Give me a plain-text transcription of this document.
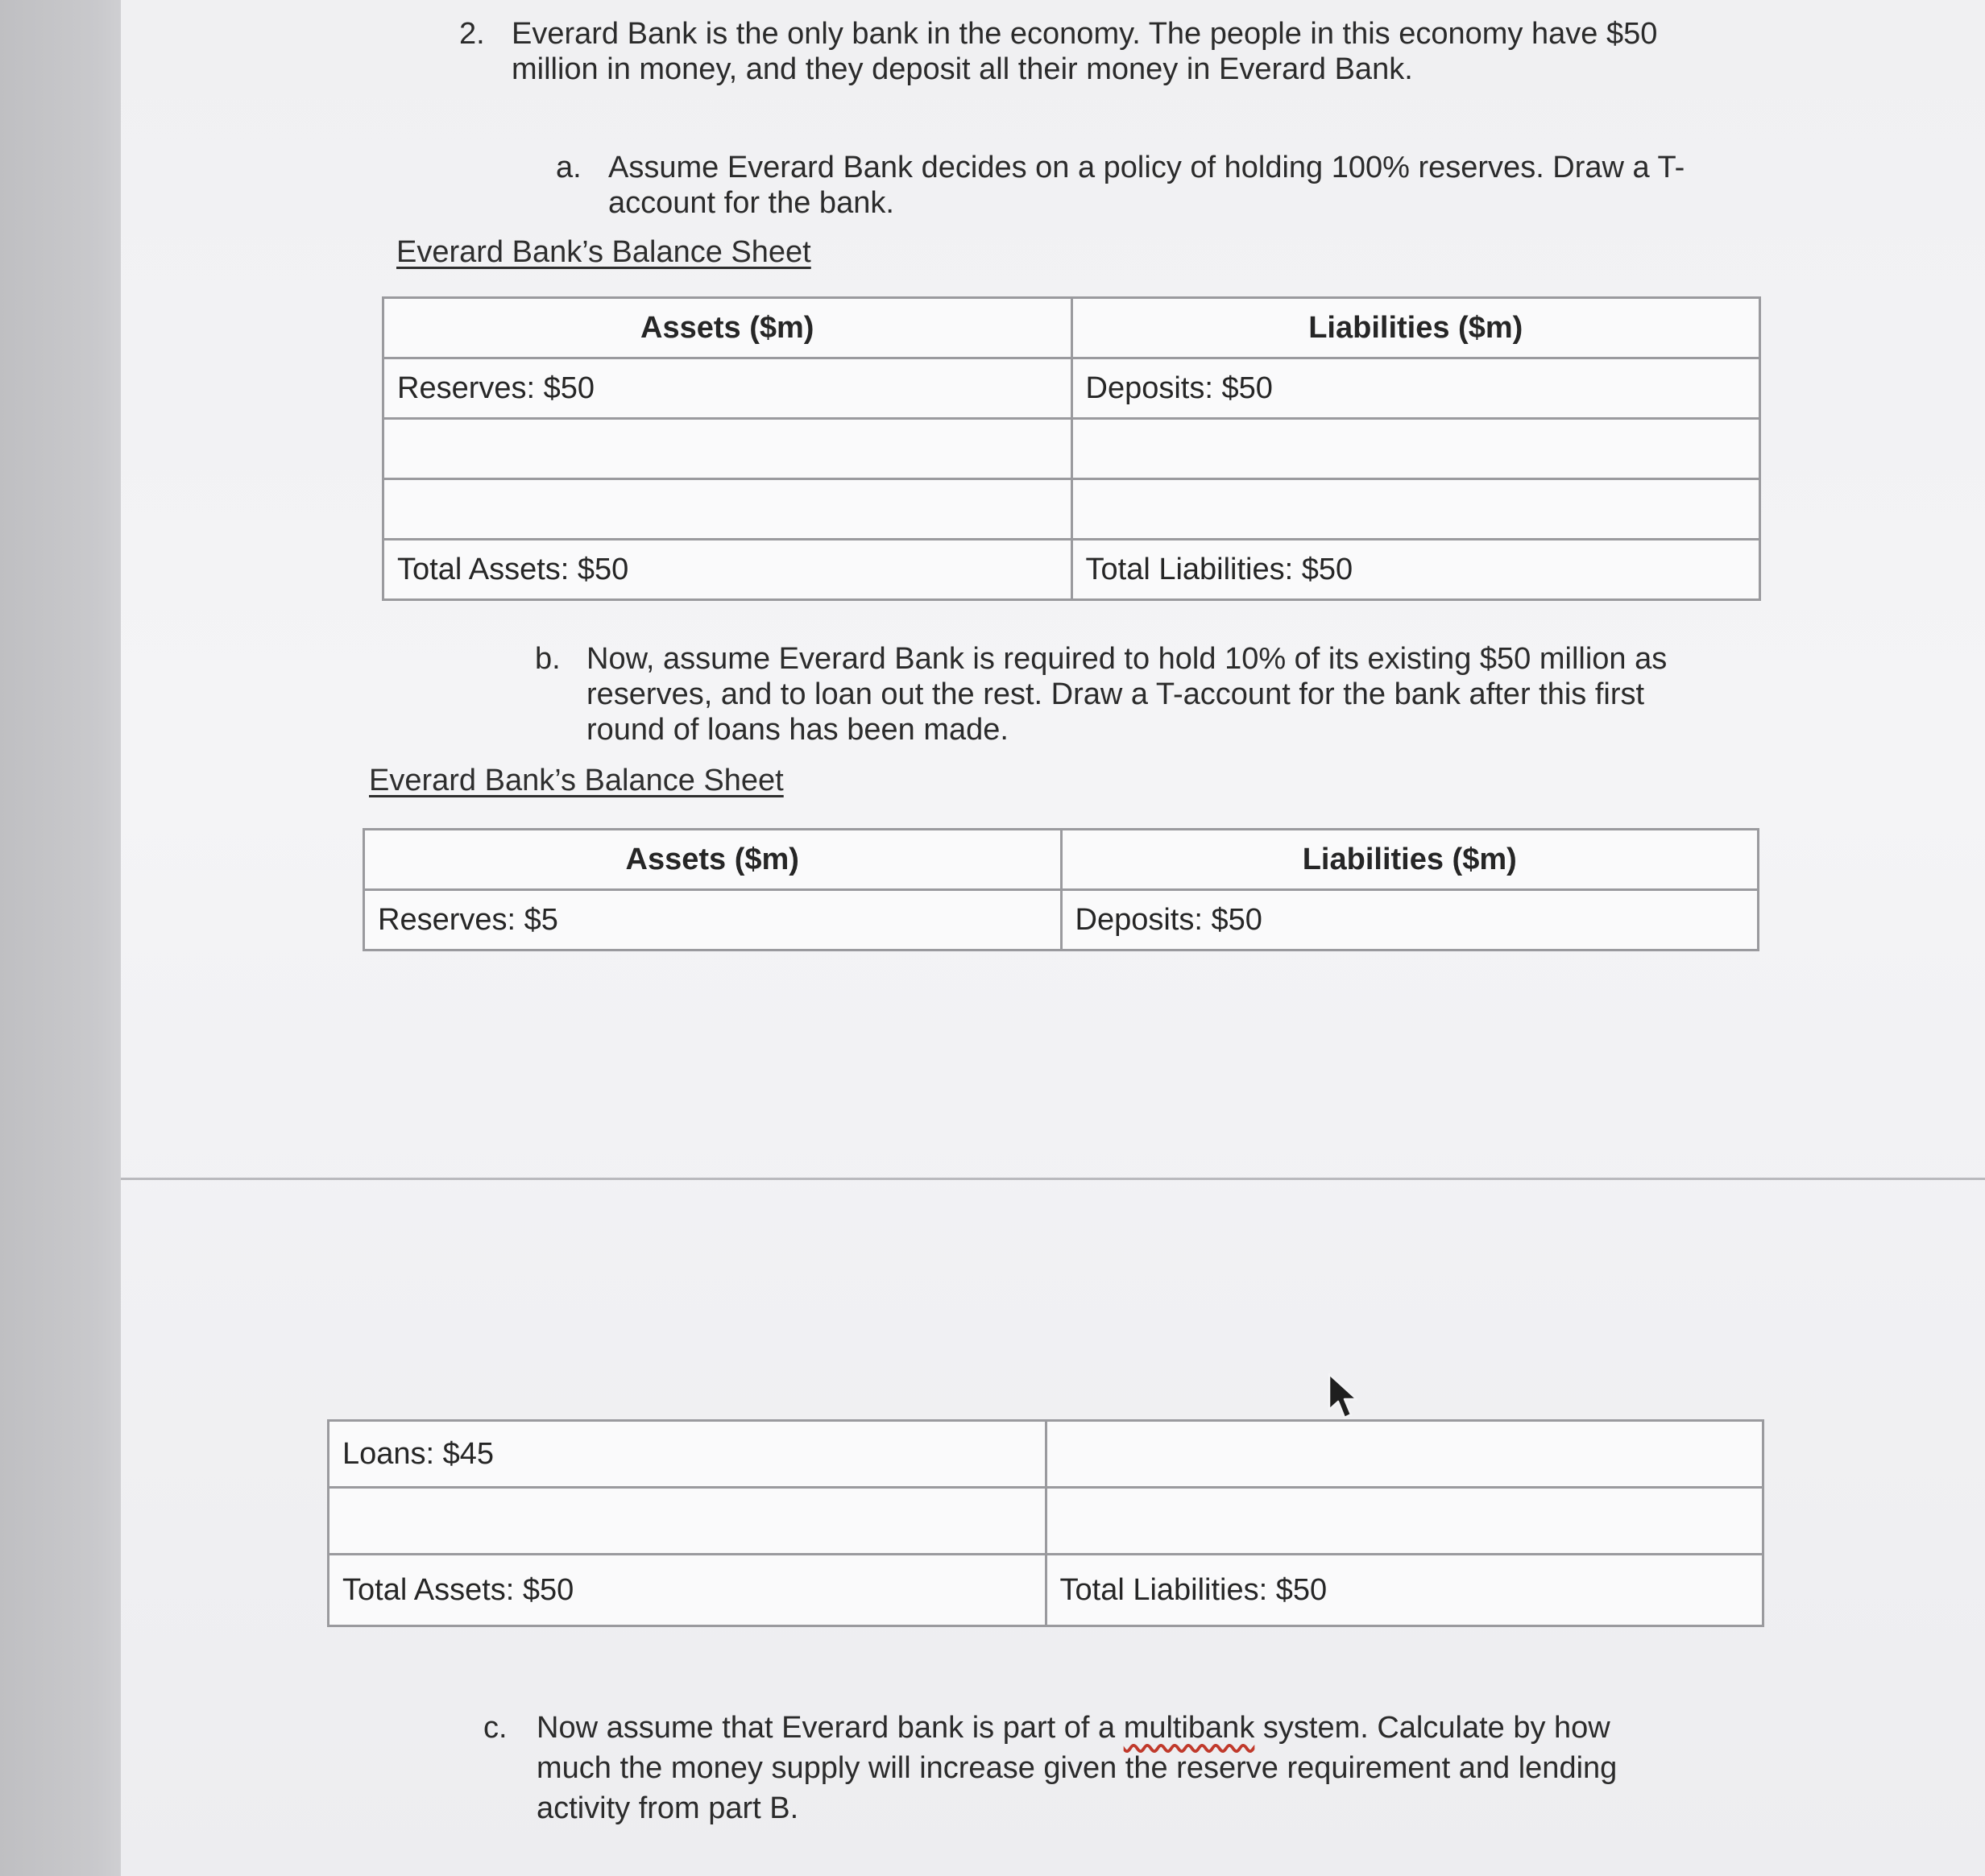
2. Everard Bank is the only bank in the economy. The people in this economy have $50
million in money, and they deposit all their money in Everard Bank.
a. Assume Everard Bank decides on a policy of holding 100% reserves. Draw a T-
account for the bank.
Everard Bank’s Balance Sheet
Assets ($m)	Liabilities ($m)
Reserves: $50	Deposits: $50

Total Assets: $50	Total Liabilities: $50
b. Now, assume Everard Bank is required to hold 10% of its existing $50 million as
reserves, and to loan out the rest. Draw a T-account for the bank after this first
round of loans has been made.
Everard Bank’s Balance Sheet
Assets ($m)	Liabilities ($m)
Reserves: $5	Deposits: $50
Loans: $45	

Total Assets: $50	Total Liabilities: $50
c. Now assume that Everard bank is part of a multibank system. Calculate by how
much the money supply will increase given the reserve requirement and lending
activity from part B.
